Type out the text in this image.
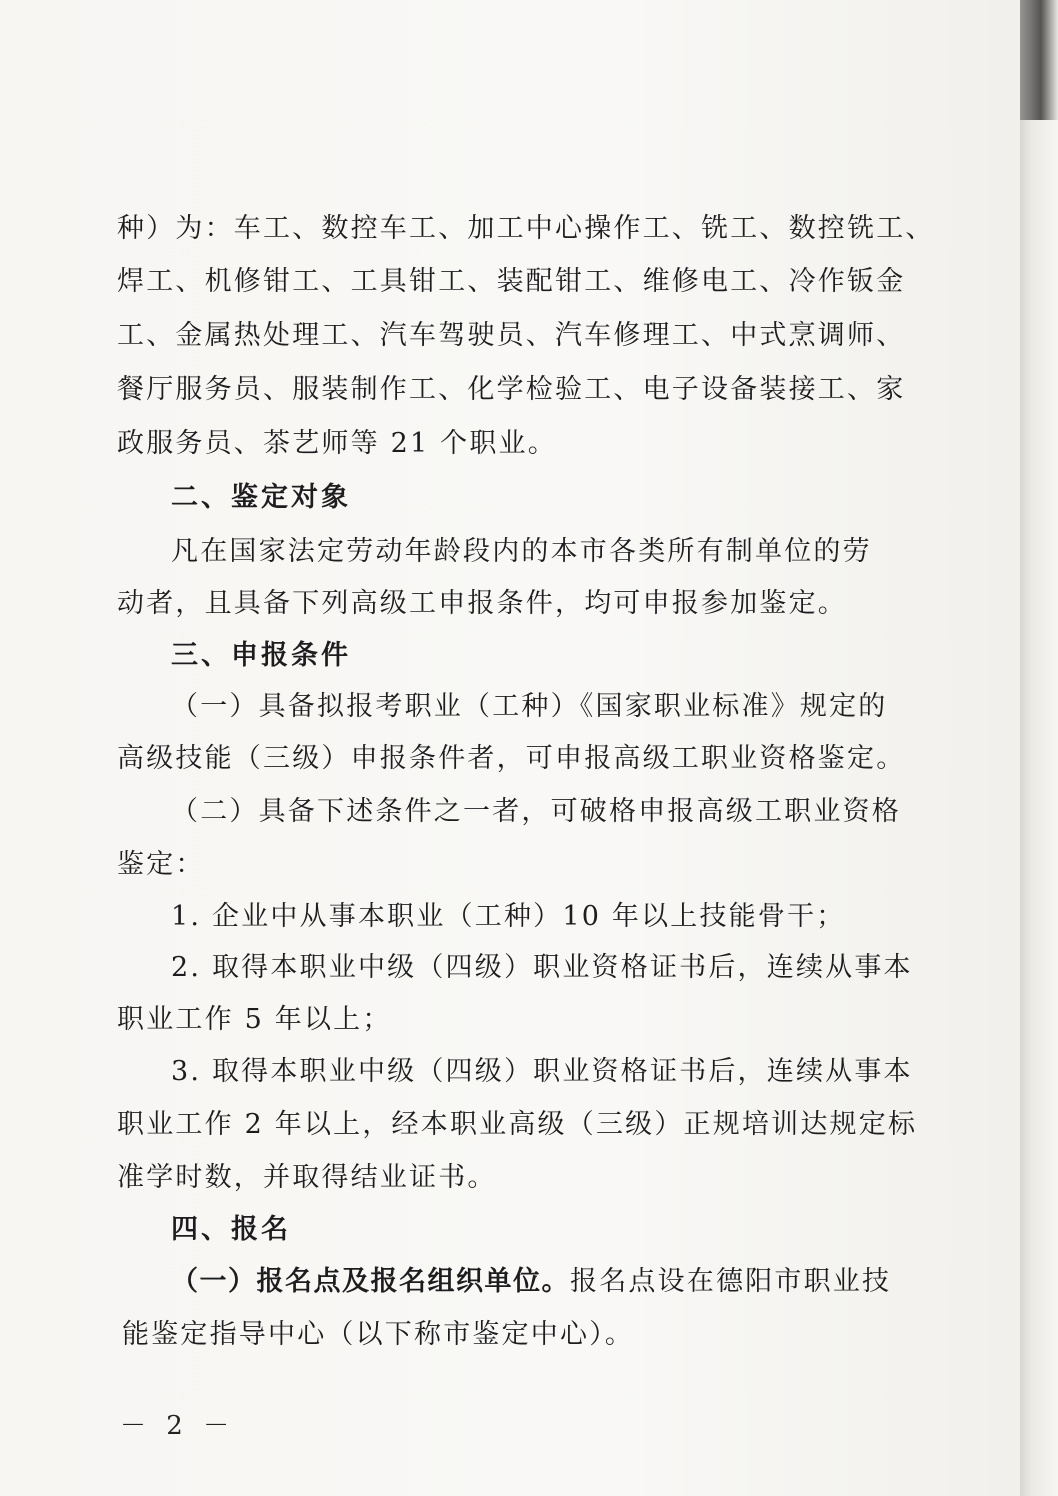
种）为：车工、数控车工、加工中心操作工、铣工、数控铣工、
焊工、机修钳工、工具钳工、装配钳工、维修电工、冷作钣金
工、金属热处理工、汽车驾驶员、汽车修理工、中式烹调师、
餐厅服务员、服装制作工、化学检验工、电子设备装接工、家
政服务员、茶艺师等 21 个职业。
二、鉴定对象
凡在国家法定劳动年龄段内的本市各类所有制单位的劳
动者，且具备下列高级工申报条件，均可申报参加鉴定。
三、申报条件
（一）具备拟报考职业（工种）《国家职业标准》规定的
高级技能（三级）申报条件者，可申报高级工职业资格鉴定。
（二）具备下述条件之一者，可破格申报高级工职业资格
鉴定：
1. 企业中从事本职业（工种）10 年以上技能骨干；
2. 取得本职业中级（四级）职业资格证书后，连续从事本
职业工作 5 年以上；
3. 取得本职业中级（四级）职业资格证书后，连续从事本
职业工作 2 年以上，经本职业高级（三级）正规培训达规定标
准学时数，并取得结业证书。
四、报名
（一）报名点及报名组织单位。报名点设在德阳市职业技
能鉴定指导中心（以下称市鉴定中心）。
－ 2 －
